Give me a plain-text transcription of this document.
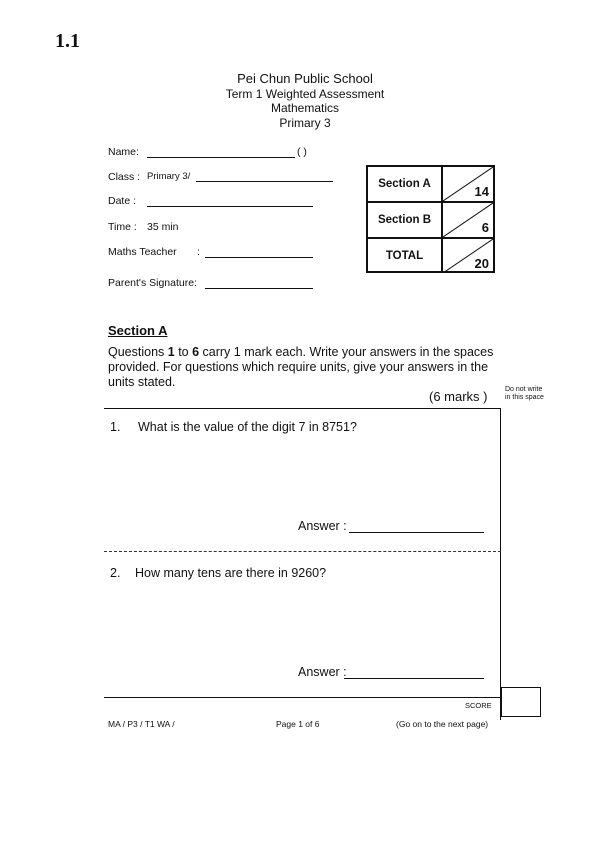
1.1
Pei Chun Public School
Term 1 Weighted Assessment
Mathematics
Primary 3
Name:	( )
Class : Primary 3/
Date :
Time : 35 min
Maths Teacher :
Parent's Signature:
Section A	14
Section B	6
TOTAL	20
Section A
Questions 1 to 6 carry 1 mark each. Write your answers in the spaces provided. For questions which require units, give your answers in the units stated.
(6 marks )	Do not write
in this space
1. What is the value of the digit 7 in 8751?
Answer :
2. How many tens are there in 9260?
Answer :
SCORE
MA / P3 / T1 WA /	Page 1 of 6	(Go on to the next page)
